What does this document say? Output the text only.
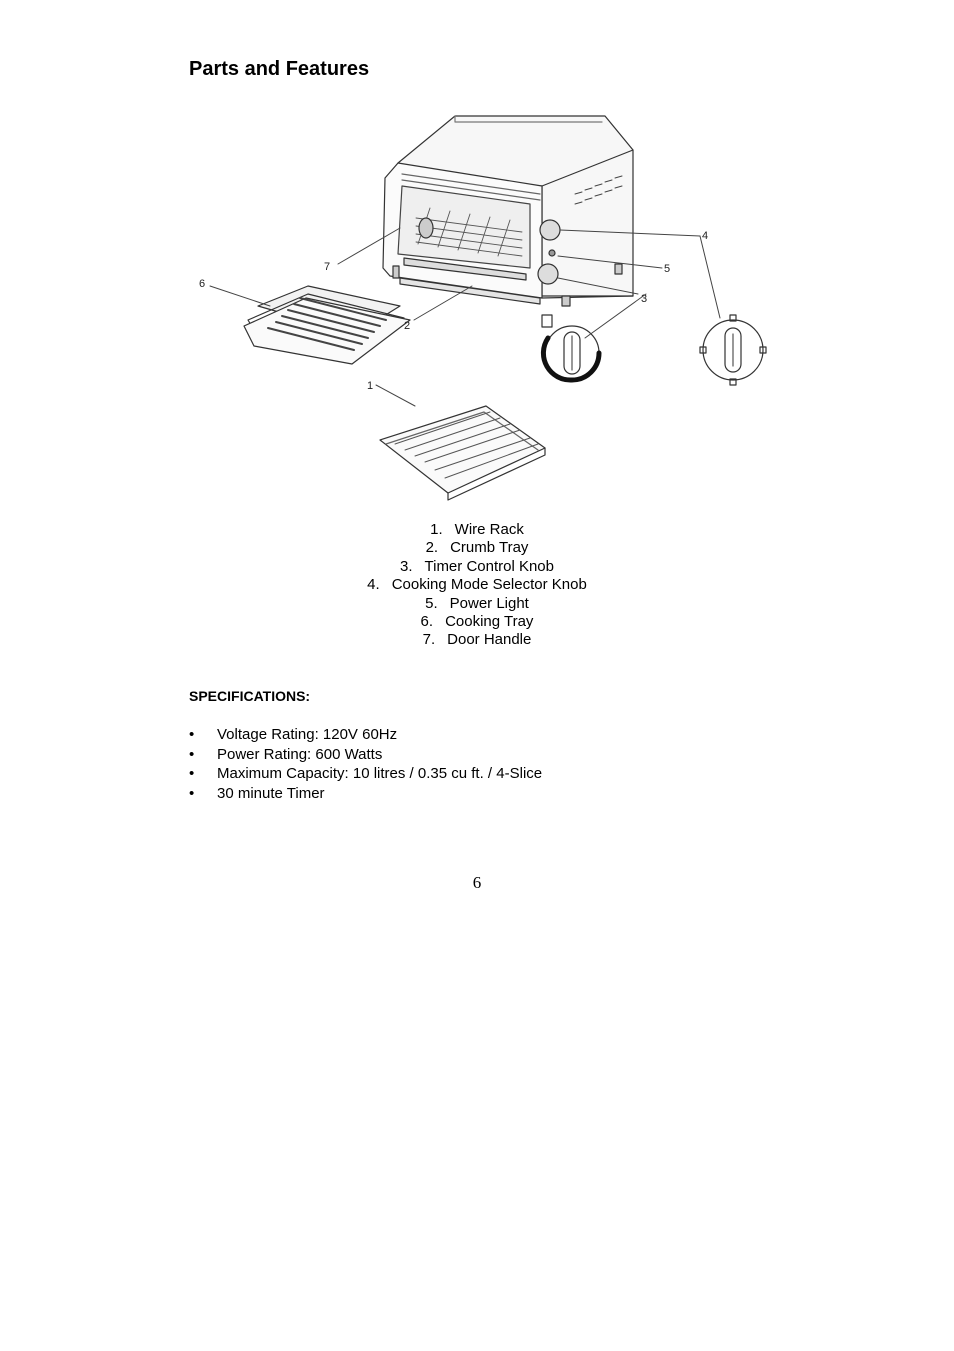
Parts and Features
1
2
3
4
5
6
7
1. Wire Rack
2. Crumb Tray
3. Timer Control Knob
4. Cooking Mode Selector Knob
5. Power Light
6. Cooking Tray
7. Door Handle
SPECIFICATIONS:
• Voltage Rating: 120V 60Hz
• Power Rating: 600 Watts
• Maximum Capacity: 10 litres / 0.35 cu ft. / 4-Slice
• 30 minute Timer
6
